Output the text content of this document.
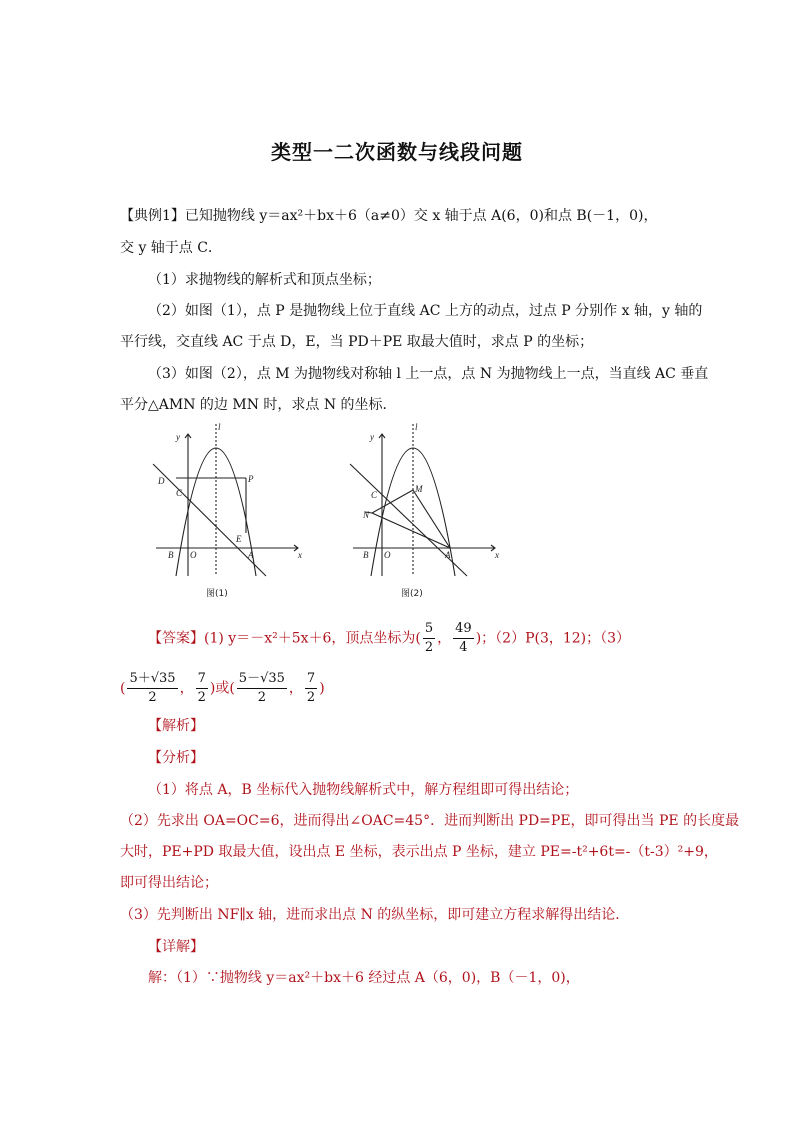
类型一二次函数与线段问题
【典例1】已知抛物线 y＝ax²＋bx＋6（a≠0）交 x 轴于点 A(6，0)和点 B(－1，0)，
交 y 轴于点 C．
（1）求抛物线的解析式和顶点坐标；
（2）如图（1），点 P 是抛物线上位于直线 AC 上方的动点，过点 P 分别作 x 轴，y 轴的
平行线，交直线 AC 于点 D，E，当 PD＋PE 取最大值时，求点 P 的坐标；
（3）如图（2），点 M 为抛物线对称轴 l 上一点，点 N 为抛物线上一点，当直线 AC 垂直
平分△AMN 的边 MN 时，求点 N 的坐标．
y
l
D
C
P
E
B O	A	x
图(1)
y
l
C
M
N
B O	A	x
图(2)
【答案】(1) y＝－x²＋5x＋6，顶点坐标为( $\frac{5}{2}$ ， $\frac{49}{4}$ )；（2）P(3，12)；（3）
( $\frac{5+√35}{2}$ ， $\frac{7}{2}$ )或( $\frac{5-√35}{2}$ ， $\frac{7}{2}$ )
【解析】
【分析】
（1）将点 A，B 坐标代入抛物线解析式中，解方程组即可得出结论；
（2）先求出 OA=OC=6，进而得出∠OAC=45°．进而判断出 PD=PE，即可得出当 PE 的长度最
大时，PE+PD 取最大值，设出点 E 坐标，表示出点 P 坐标，建立 PE=-t²+6t=-（t-3）²+9，
即可得出结论；
（3）先判断出 NF∥x 轴，进而求出点 N 的纵坐标，即可建立方程求解得出结论．
【详解】
解：（1）∵抛物线 y＝ax²＋bx＋6 经过点 A（6，0)，B（－1，0)，
